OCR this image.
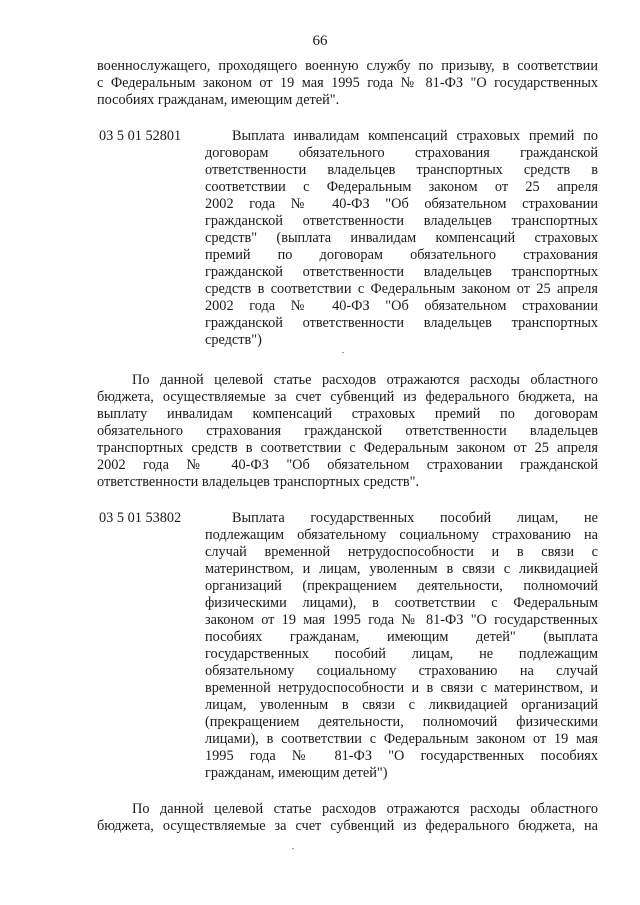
66
военнослужащего, проходящего военную службу по призыву, в соответствии
с Федеральным законом от 19 мая 1995 года № 81-ФЗ "О государственных
пособиях гражданам, имеющим детей".
03 5 01 52801	Выплата инвалидам компенсаций страховых премий по
договорам обязательного страхования гражданской
ответственности владельцев транспортных средств в
соответствии с Федеральным законом от 25 апреля
2002 года № 40-ФЗ "Об обязательном страховании
гражданской ответственности владельцев транспортных
средств" (выплата инвалидам компенсаций страховых
премий по договорам обязательного страхования
гражданской ответственности владельцев транспортных
средств в соответствии с Федеральным законом от 25 апреля
2002 года № 40-ФЗ "Об обязательном страховании
гражданской ответственности владельцев транспортных
средств")
По данной целевой статье расходов отражаются расходы областного
бюджета, осуществляемые за счет субвенций из федерального бюджета, на
выплату инвалидам компенсаций страховых премий по договорам
обязательного страхования гражданской ответственности владельцев
транспортных средств в соответствии с Федеральным законом от 25 апреля
2002 года № 40-ФЗ "Об обязательном страховании гражданской
ответственности владельцев транспортных средств".
03 5 01 53802	Выплата государственных пособий лицам, не
подлежащим обязательному социальному страхованию на
случай временной нетрудоспособности и в связи с
материнством, и лицам, уволенным в связи с ликвидацией
организаций (прекращением деятельности, полномочий
физическими лицами), в соответствии с Федеральным
законом от 19 мая 1995 года № 81-ФЗ "О государственных
пособиях гражданам, имеющим детей" (выплата
государственных пособий лицам, не подлежащим
обязательному социальному страхованию на случай
временной нетрудоспособности и в связи с материнством, и
лицам, уволенным в связи с ликвидацией организаций
(прекращением деятельности, полномочий физическими
лицами), в соответствии с Федеральным законом от 19 мая
1995 года № 81-ФЗ "О государственных пособиях
гражданам, имеющим детей")
По данной целевой статье расходов отражаются расходы областного
бюджета, осуществляемые за счет субвенций из федерального бюджета, на
